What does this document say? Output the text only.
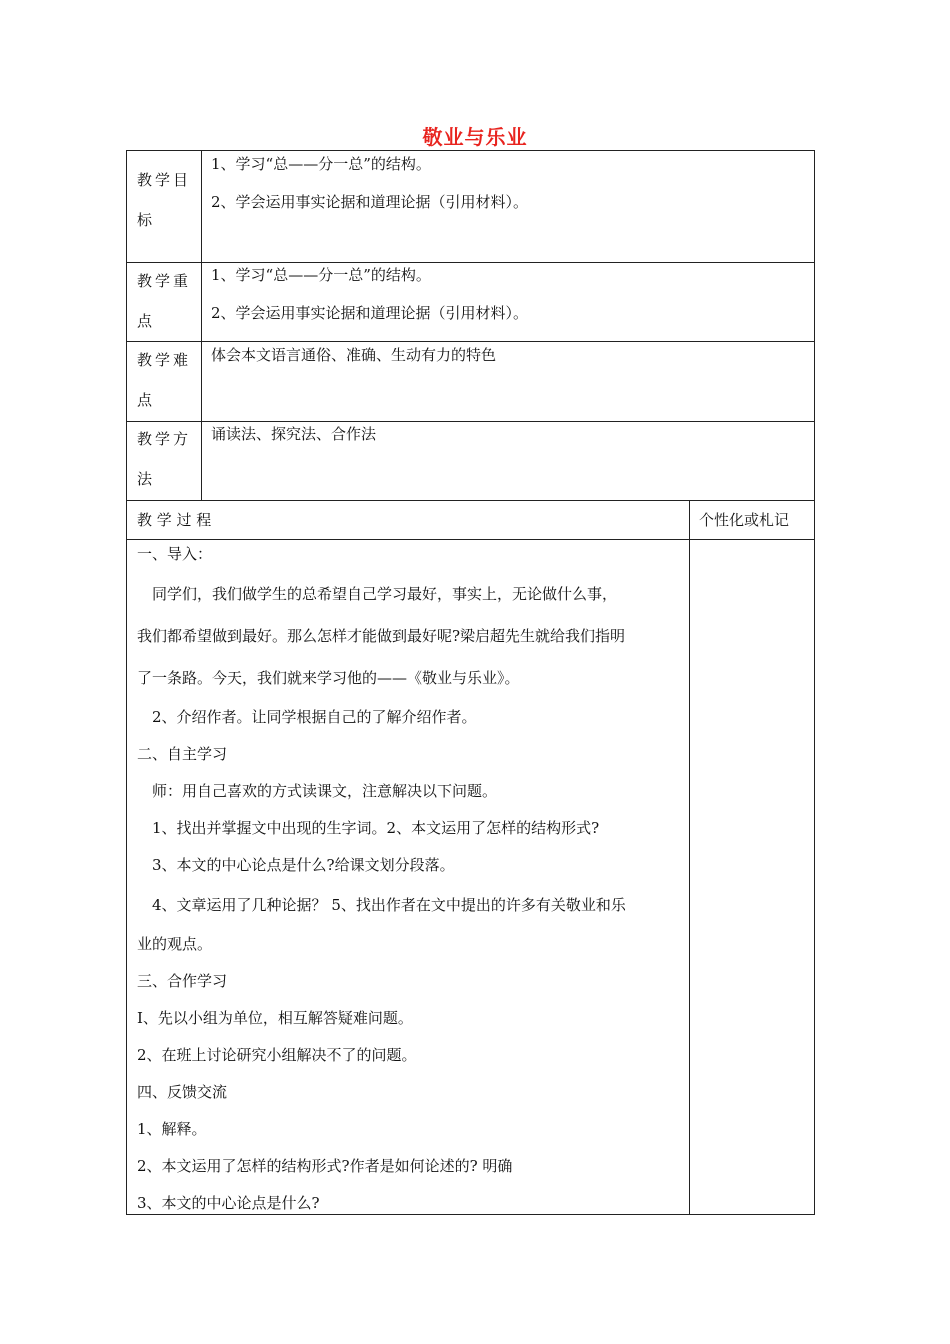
敬业与乐业
教学目标
1、学习“总——分一总”的结构。
2、学会运用事实论据和道理论据（引用材料）。
教学重点
1、学习“总——分一总”的结构。
2、学会运用事实论据和道理论据（引用材料）。
教学难点
体会本文语言通俗、准确、生动有力的特色
教学方法
诵读法、探究法、合作法
教 学 过 程	个性化或札记
一、导入：
　同学们，我们做学生的总希望自己学习最好，事实上，无论做什么事，
我们都希望做到最好。那么怎样才能做到最好呢?梁启超先生就给我们指明
了一条路。今天，我们就来学习他的——《敬业与乐业》。
　2、介绍作者。让同学根据自己的了解介绍作者。
二、自主学习
　师：用自己喜欢的方式读课文，注意解决以下问题。
　1、找出并掌握文中出现的生字词。2、本文运用了怎样的结构形式?
　3、本文的中心论点是什么?给课文划分段落。
　4、文章运用了几种论据？ 5、找出作者在文中提出的许多有关敬业和乐
业的观点。
三、合作学习
I、先以小组为单位，相互解答疑难问题。
2、在班上讨论研究小组解决不了的问题。
四、反馈交流
1、解释。
2、本文运用了怎样的结构形式?作者是如何论述的? 明确
3、本文的中心论点是什么?
